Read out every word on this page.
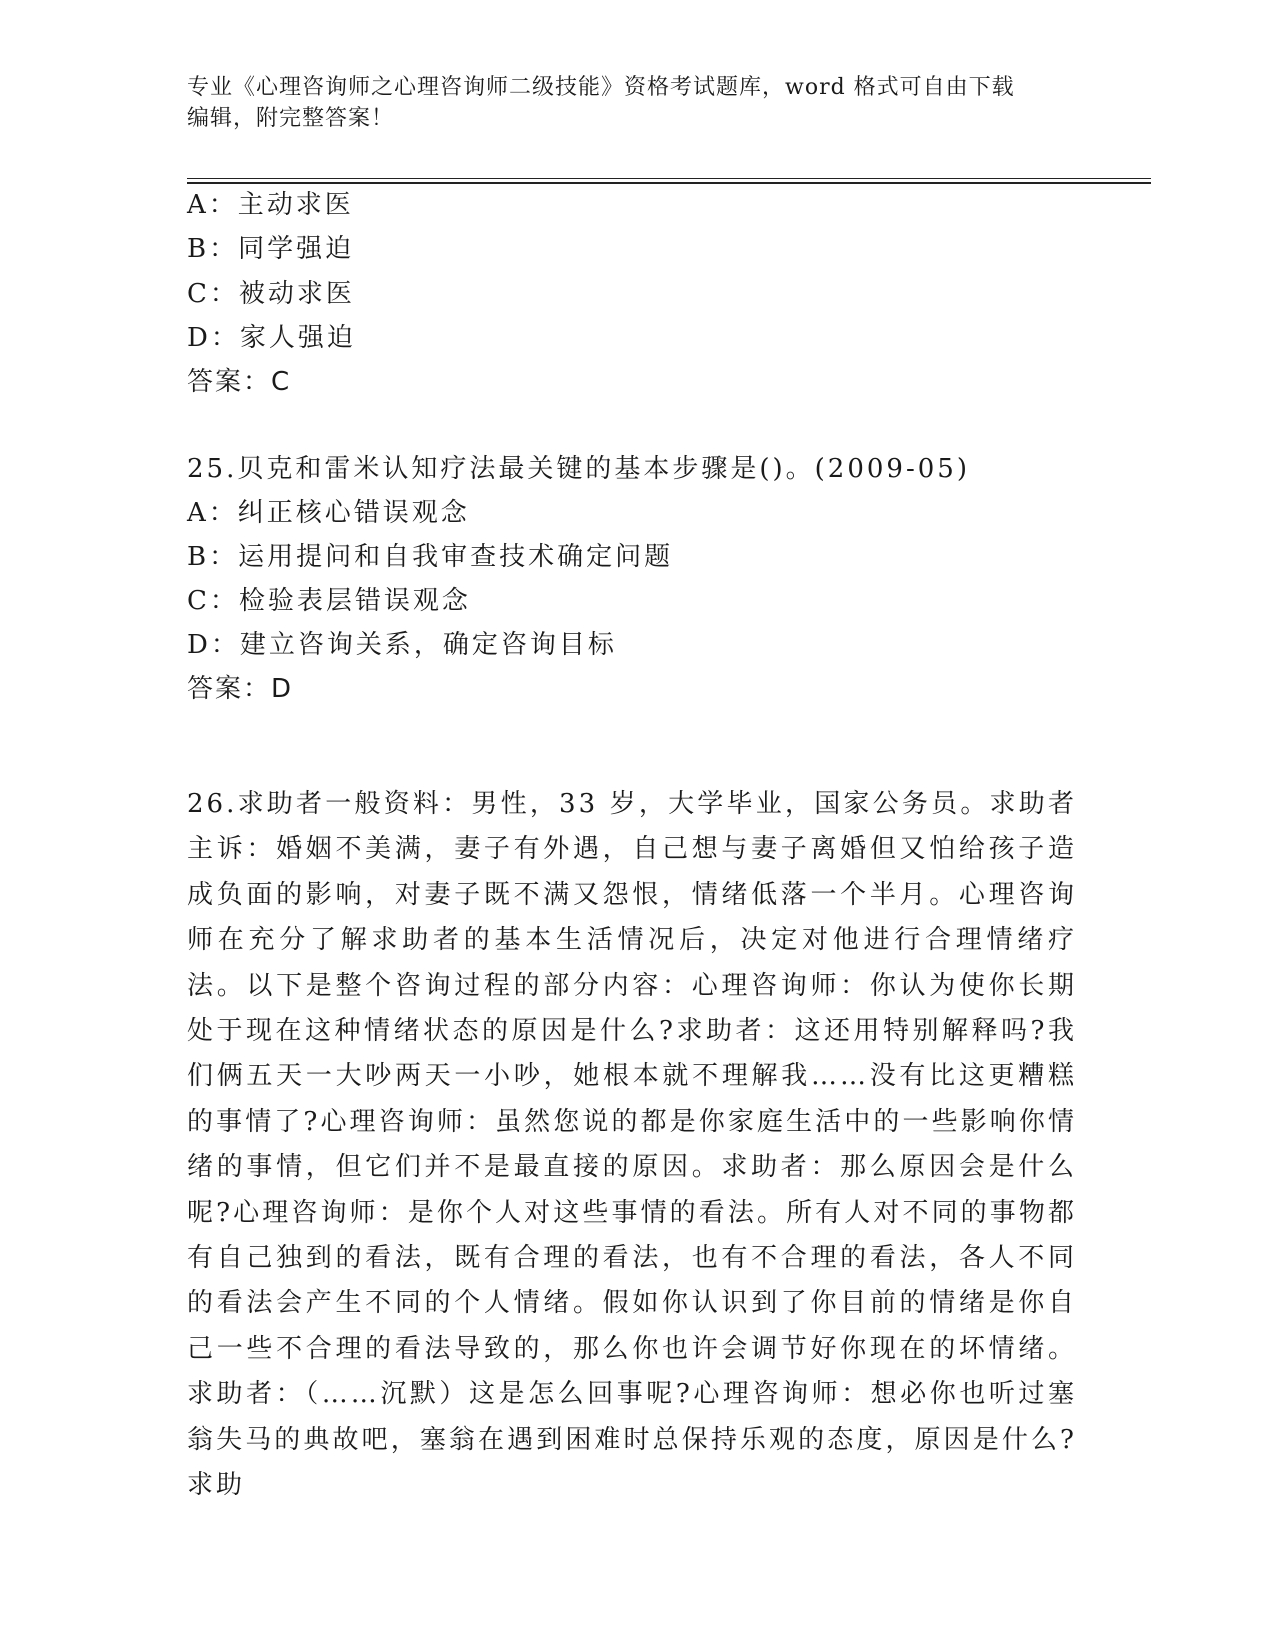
专业《心理咨询师之心理咨询师二级技能》资格考试题库，word 格式可自由下载
编辑，附完整答案！
A：主动求医
B：同学强迫
C：被动求医
D：家人强迫
答案：C
25.贝克和雷米认知疗法最关键的基本步骤是()。(2009-05)
A：纠正核心错误观念
B：运用提问和自我审查技术确定问题
C：检验表层错误观念
D：建立咨询关系，确定咨询目标
答案：D
26.求助者一般资料：男性，33 岁，大学毕业，国家公务员。求助者主诉：婚姻不美满，妻子有外遇，自己想与妻子离婚但又怕给孩子造成负面的影响，对妻子既不满又怨恨，情绪低落一个半月。心理咨询师在充分了解求助者的基本生活情况后，决定对他进行合理情绪疗法。以下是整个咨询过程的部分内容：心理咨询师：你认为使你长期处于现在这种情绪状态的原因是什么?求助者：这还用特别解释吗?我们俩五天一大吵两天一小吵，她根本就不理解我……没有比这更糟糕的事情了?心理咨询师：虽然您说的都是你家庭生活中的一些影响你情绪的事情，但它们并不是最直接的原因。求助者：那么原因会是什么呢?心理咨询师：是你个人对这些事情的看法。所有人对不同的事物都有自己独到的看法，既有合理的看法，也有不合理的看法，各人不同的看法会产生不同的个人情绪。假如你认识到了你目前的情绪是你自己一些不合理的看法导致的，那么你也许会调节好你现在的坏情绪。求助者：（……沉默）这是怎么回事呢?心理咨询师：想必你也听过塞翁失马的典故吧，塞翁在遇到困难时总保持乐观的态度，原因是什么?求助
